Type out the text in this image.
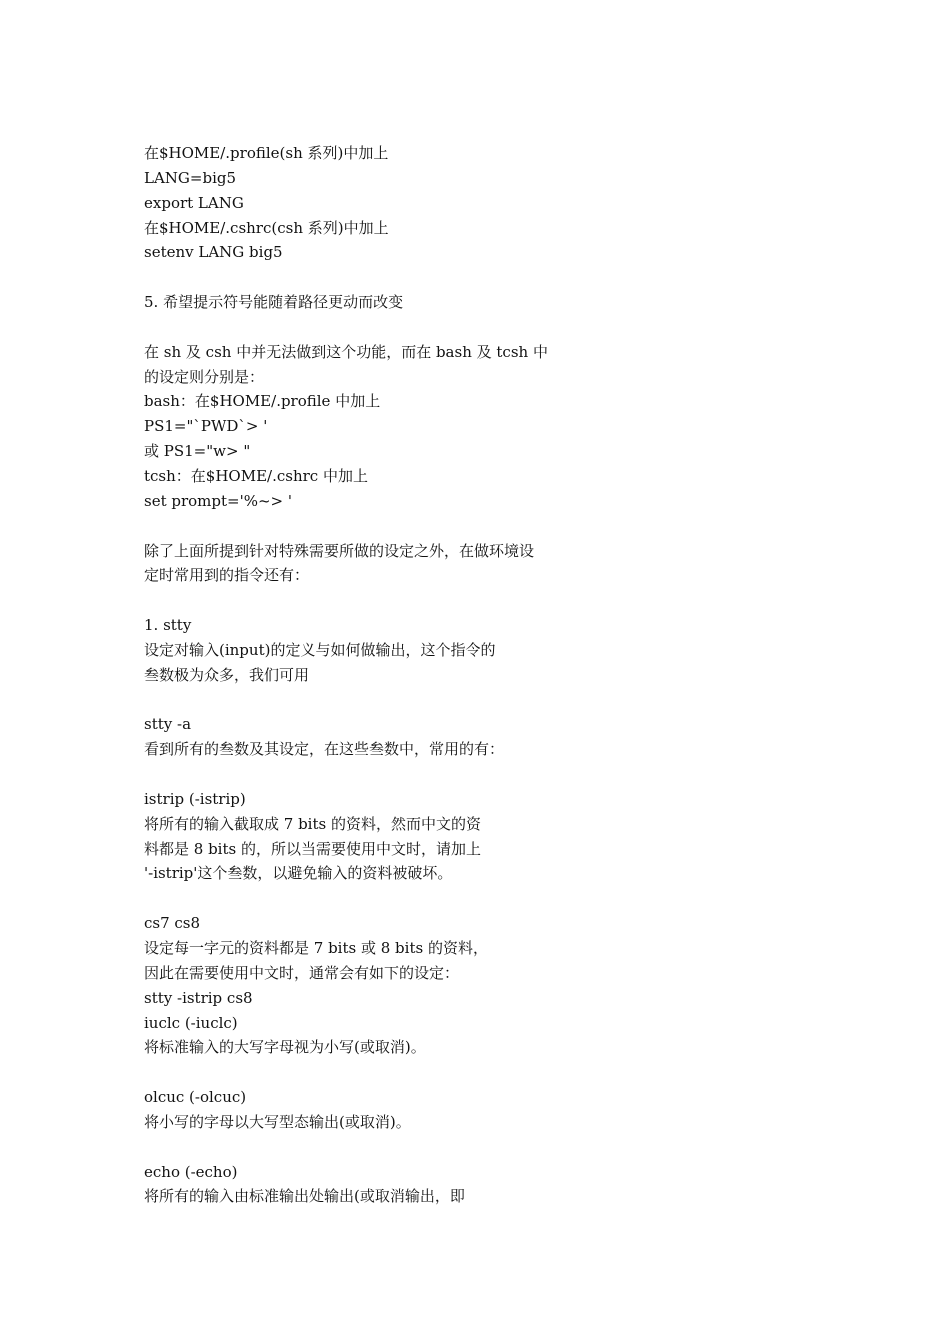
在$HOME/.profile(sh 系列)中加上
LANG=big5
export LANG
在$HOME/.cshrc(csh 系列)中加上
setenv LANG big5
5. 希望提示符号能随着路径更动而改变
在 sh 及 csh 中并无法做到这个功能，而在 bash 及 tcsh 中
的设定则分别是：
bash：在$HOME/.profile 中加上
PS1="`PWD`> '
或 PS1="w> "
tcsh：在$HOME/.cshrc 中加上
set prompt='%~> '
除了上面所提到针对特殊需要所做的设定之外，在做环境设
定时常用到的指令还有：
1. stty
设定对输入(input)的定义与如何做输出，这个指令的
叁数极为众多，我们可用
stty -a
看到所有的叁数及其设定，在这些叁数中，常用的有：
istrip (-istrip)
将所有的输入截取成 7 bits 的资料，然而中文的资
料都是 8 bits 的，所以当需要使用中文时，请加上
'-istrip'这个叁数，以避免输入的资料被破坏。
cs7 cs8
设定每一字元的资料都是 7 bits 或 8 bits 的资料，
因此在需要使用中文时，通常会有如下的设定：
stty -istrip cs8
iuclc (-iuclc)
将标准输入的大写字母视为小写(或取消)。
olcuc (-olcuc)
将小写的字母以大写型态输出(或取消)。
echo (-echo)
将所有的输入由标准输出处输出(或取消输出，即
